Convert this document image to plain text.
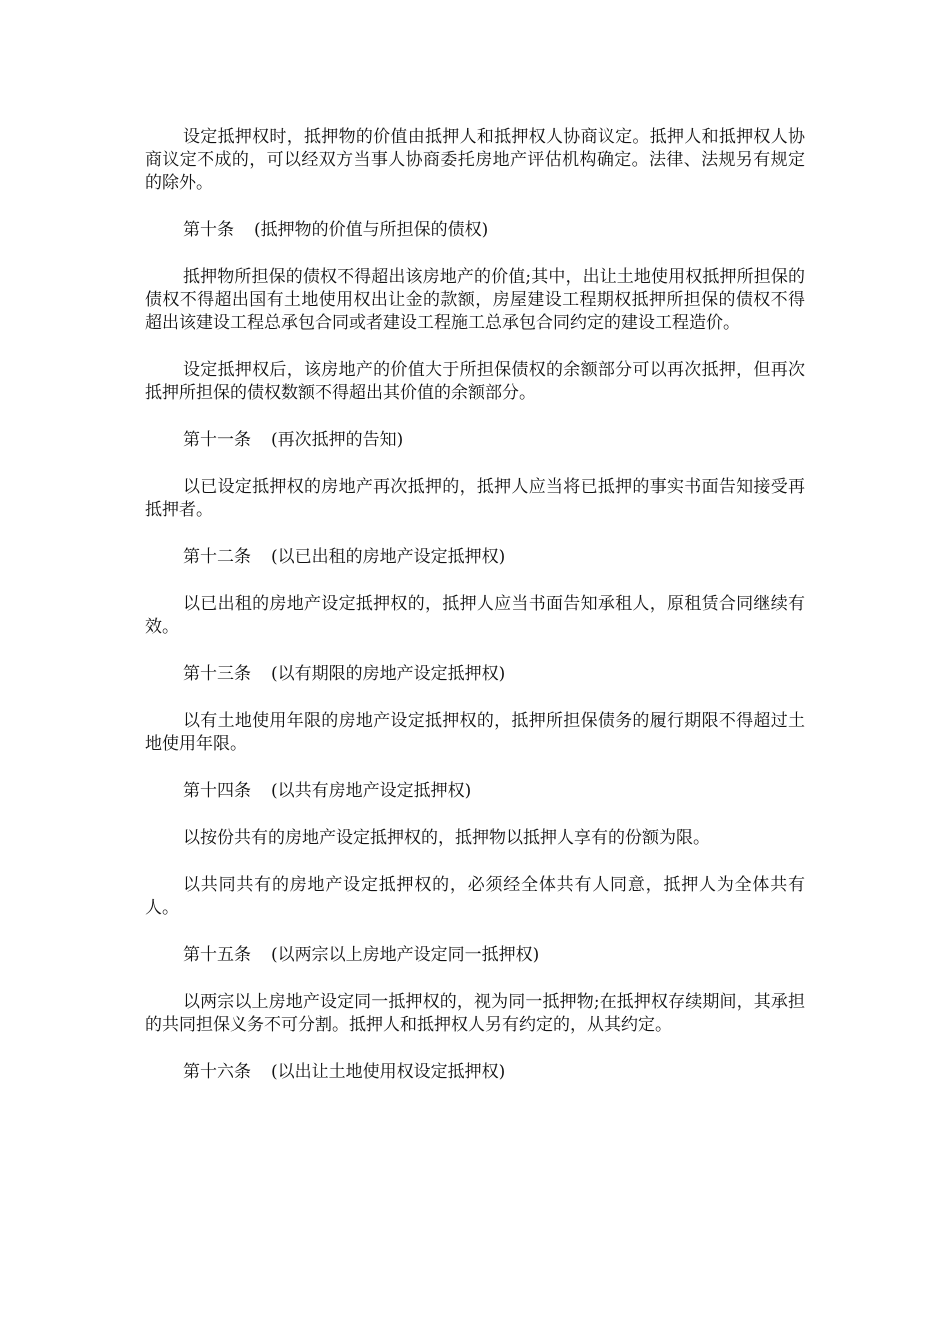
设定抵押权时，抵押物的价值由抵押人和抵押权人协商议定。抵押人和抵押权人协商议定不成的，可以经双方当事人协商委托房地产评估机构确定。法律、法规另有规定的除外。

第十条 (抵押物的价值与所担保的债权)

抵押物所担保的债权不得超出该房地产的价值;其中，出让土地使用权抵押所担保的债权不得超出国有土地使用权出让金的款额，房屋建设工程期权抵押所担保的债权不得超出该建设工程总承包合同或者建设工程施工总承包合同约定的建设工程造价。

设定抵押权后，该房地产的价值大于所担保债权的余额部分可以再次抵押，但再次抵押所担保的债权数额不得超出其价值的余额部分。

第十一条 (再次抵押的告知)

以已设定抵押权的房地产再次抵押的，抵押人应当将已抵押的事实书面告知接受再抵押者。

第十二条 (以已出租的房地产设定抵押权)

以已出租的房地产设定抵押权的，抵押人应当书面告知承租人，原租赁合同继续有效。

第十三条 (以有期限的房地产设定抵押权)

以有土地使用年限的房地产设定抵押权的，抵押所担保债务的履行期限不得超过土地使用年限。

第十四条 (以共有房地产设定抵押权)

以按份共有的房地产设定抵押权的，抵押物以抵押人享有的份额为限。

以共同共有的房地产设定抵押权的，必须经全体共有人同意，抵押人为全体共有人。

第十五条 (以两宗以上房地产设定同一抵押权)

以两宗以上房地产设定同一抵押权的，视为同一抵押物;在抵押权存续期间，其承担的共同担保义务不可分割。抵押人和抵押权人另有约定的，从其约定。

第十六条 (以出让土地使用权设定抵押权)
